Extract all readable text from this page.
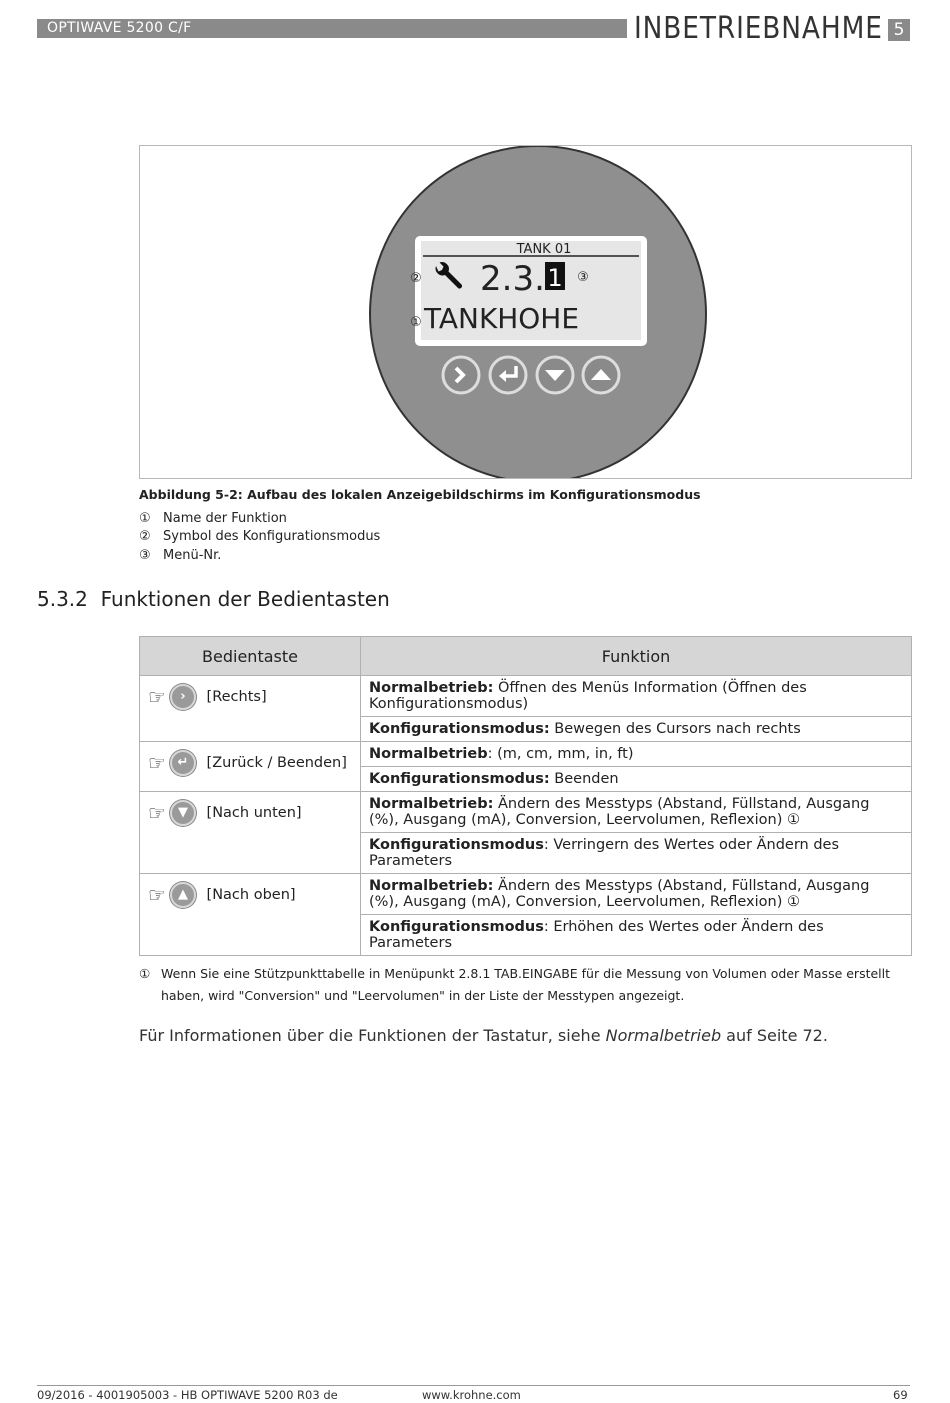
OPTIWAVE 5200 C/F	INBETRIEBNAHME 5
TANK 01
② 2.3. 1 ③
① TANKHOHE
Abbildung 5-2: Aufbau des lokalen Anzeigebildschirms im Konfigurationsmodus
① Name der Funktion
② Symbol des Konfigurationsmodus
③ Menü-Nr.
5.3.2  Funktionen der Bedientasten
Bedientaste	Funktion
☞ › [Rechts]	Normalbetrieb: Öffnen des Menüs Information (Öffnen des Konfigurationsmodus)
	Konfigurationsmodus: Bewegen des Cursors nach rechts
☞ ↵ [Zurück / Beenden]	Normalbetrieb: (m, cm, mm, in, ft)
	Konfigurationsmodus: Beenden
☞ ▼ [Nach unten]	Normalbetrieb: Ändern des Messtyps (Abstand, Füllstand, Ausgang (%), Ausgang (mA), Conversion, Leervolumen, Reflexion) ①
	Konfigurationsmodus: Verringern des Wertes oder Ändern des Parameters
☞ ▲ [Nach oben]	Normalbetrieb: Ändern des Messtyps (Abstand, Füllstand, Ausgang (%), Ausgang (mA), Conversion, Leervolumen, Reflexion) ①
	Konfigurationsmodus: Erhöhen des Wertes oder Ändern des Parameters
① Wenn Sie eine Stützpunkttabelle in Menüpunkt 2.8.1 TAB.EINGABE für die Messung von Volumen oder Masse erstellt
haben, wird "Conversion" und "Leervolumen" in der Liste der Messtypen angezeigt.
Für Informationen über die Funktionen der Tastatur, siehe Normalbetrieb auf Seite 72.
09/2016 - 4001905003 - HB OPTIWAVE 5200 R03 de	www.krohne.com	69
